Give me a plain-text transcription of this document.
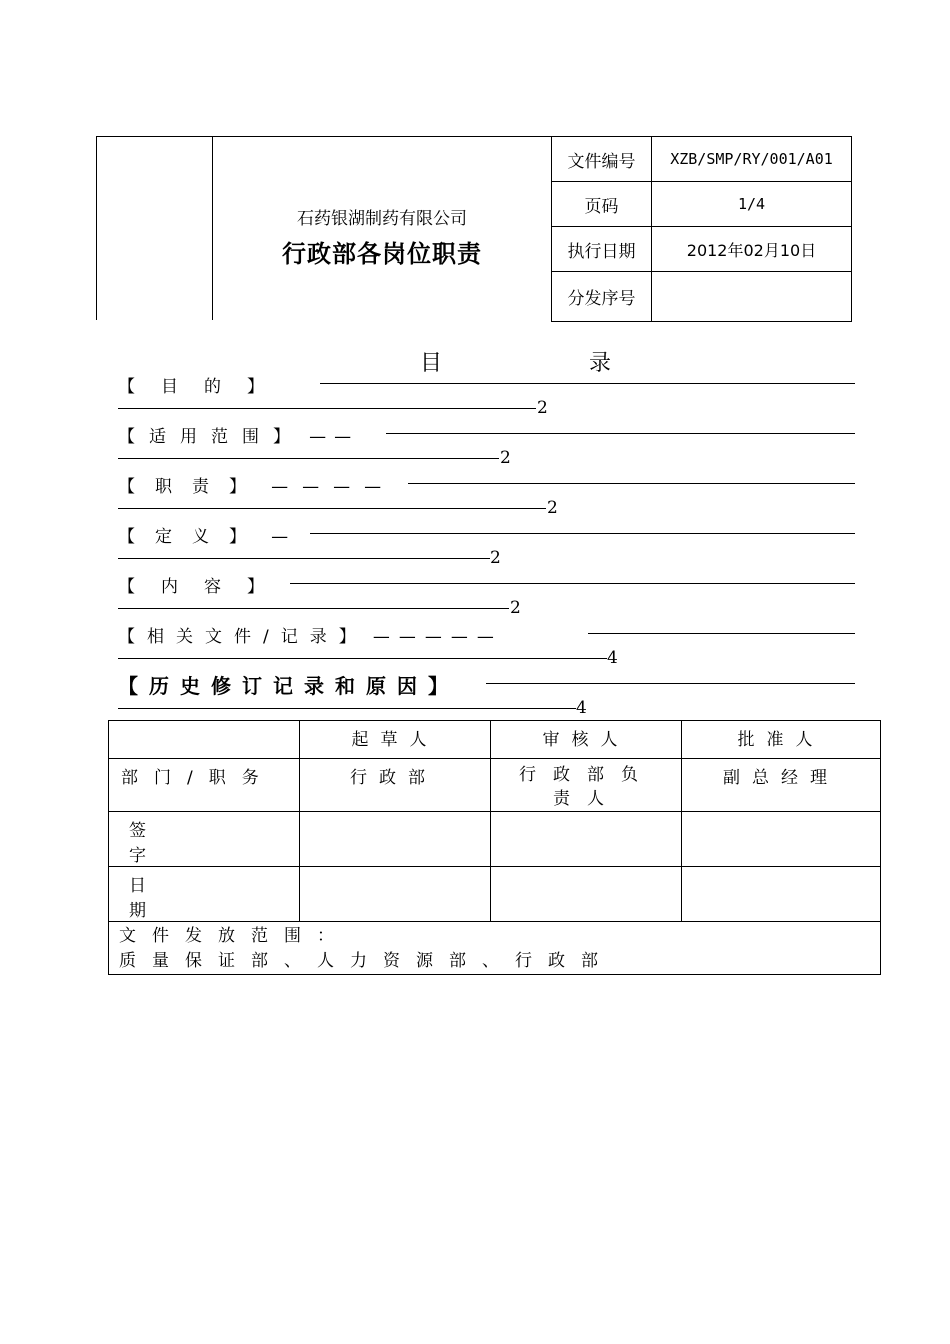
石药银湖制药有限公司
行政部各岗位职责
文件编号	XZB/SMP/RY/001/A01
页码	1/4
执行日期	2012年02月10日
分发序号	
目 录
【目的】
2
【适用范围】 ——
2
【职责】 ————
2
【定义】 —
2
【内容】
2
【相关文件/记录】 —————
4
【历史修订记录和原因】
4
	起草人	审核人	批准人
部门/职务	行政部	行政部负责人	副总经理
签字			
日期			

文件发放范围：
质量保证部、人力资源部、行政部			
